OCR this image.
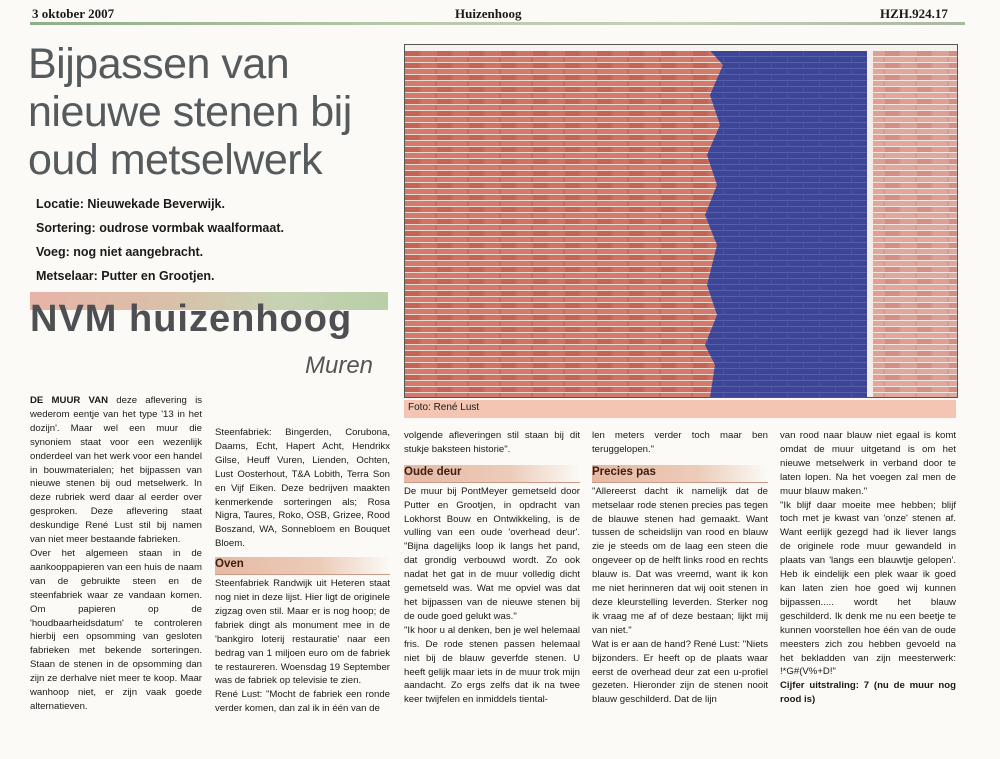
3 oktober 2007	Huizenhoog	HZH.924.17
Bijpassen van
nieuwe stenen bij
oud metselwerk
Locatie: Nieuwekade Beverwijk.
Sortering: oudrose vormbak waalformaat.
Voeg: nog niet aangebracht.
Metselaar: Putter en Grootjen.
NVM huizenhoog
Muren
Foto: René Lust

DE MUUR VAN deze aflevering is wederom eentje van het type '13 in het dozijn'. Maar wel een muur die synoniem staat voor een wezenlijk onderdeel van het werk voor een handel in bouwmaterialen; het bijpassen van nieuwe stenen bij oud metselwerk. In deze rubriek werd daar al eerder over gesproken. Deze aflevering staat deskundige René Lust stil bij namen van niet meer bestaande fabrieken.

Over het algemeen staan in de aankooppapieren van een huis de naam van de gebruikte steen en de steenfabriek waar ze vandaan komen. Om papieren op de 'houdbaarheidsdatum' te controleren hierbij een opsomming van gesloten fabrieken met bekende sorteringen. Staan de stenen in de opsomming dan zijn ze derhalve niet meer te koop. Maar wanhoop niet, er zijn vaak goede alternatieven.

Steenfabriek: Bingerden, Corubona, Daams, Echt, Hapert Acht, Hendrikx Gilse, Heuff Vuren, Lienden, Ochten, Lust Oosterhout, T&A Lobith, Terra Son en Vijf Eiken. Deze bedrijven maakten kenmerkende sorteringen als; Rosa Nigra, Taures, Roko, OSB, Grizee, Rood Boszand, WA, Sonnebloem en Bouquet Bloem.

Oven

Steenfabriek Randwijk uit Heteren staat nog niet in deze lijst. Hier ligt de originele zigzag oven stil. Maar er is nog hoop; de fabriek dingt als monument mee in de 'bankgiro loterij restauratie' naar een bedrag van 1 miljoen euro om de fabriek te restaureren. Woensdag 19 September was de fabriek op televisie te zien.

René Lust: "Mocht de fabriek een ronde verder komen, dan zal ik in één van de

volgende afleveringen stil staan bij dit stukje baksteen historie".

Oude deur

De muur bij PontMeyer gemetseld door Putter en Grootjen, in opdracht van Lokhorst Bouw en Ontwikkeling, is de vulling van een oude 'overhead deur'. "Bijna dagelijks loop ik langs het pand, dat grondig verbouwd wordt. Zo ook nadat het gat in de muur volledig dicht gemetseld was. Wat me opviel was dat het bijpassen van de nieuwe stenen bij de oude goed gelukt was."

"Ik hoor u al denken, ben je wel helemaal fris. De rode stenen passen helemaal niet bij de blauw geverfde stenen. U heeft gelijk maar iets in de muur trok mijn aandacht. Zo ergs zelfs dat ik na twee keer twijfelen en inmiddels tiental-

len meters verder toch maar ben teruggelopen."

Precies pas

"Allereerst dacht ik namelijk dat de metselaar rode stenen precies pas tegen de blauwe stenen had gemaakt. Want tussen de scheidslijn van rood en blauw zie je steeds om de laag een steen die ongeveer op de helft links rood en rechts blauw is. Dat was vreemd, want ik kon me niet herinneren dat wij ooit stenen in deze kleurstelling leverden. Sterker nog ik vraag me af of deze bestaan; lijkt mij van niet."

Wat is er aan de hand? René Lust: "Niets bijzonders. Er heeft op de plaats waar eerst de overhead deur zat een u-profiel gezeten. Hieronder zijn de stenen nooit blauw geschilderd. Dat de lijn

van rood naar blauw niet egaal is komt omdat de muur uitgetand is om het nieuwe metselwerk in verband door te laten lopen. Na het voegen zal men de muur blauw maken."

"Ik blijf daar moeite mee hebben; blijf toch met je kwast van 'onze' stenen af. Want eerlijk gezegd had ik liever langs de originele rode muur gewandeld in plaats van 'langs een blauwtje gelopen'. Heb ik eindelijk een plek waar ik goed kan laten zien hoe goed wij kunnen bijpassen..... wordt het blauw geschilderd. Ik denk me nu een beetje te kunnen voorstellen hoe één van de oude meesters zich zou hebben gevoeld na het bekladden van zijn meesterwerk: !*G#(V%+D!"

Cijfer uitstraling: 7 (nu de muur nog rood is)
